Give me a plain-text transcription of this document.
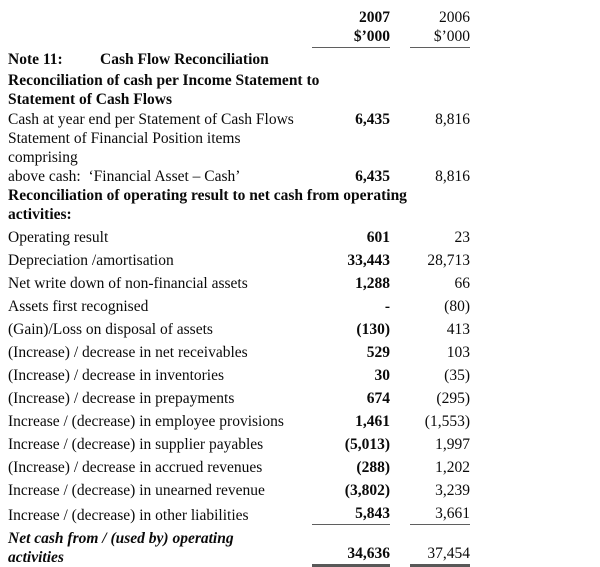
2007	2006
$’000	$’000
Note 11: Cash Flow Reconciliation
Reconciliation of cash per Income Statement to
Statement of Cash Flows
Cash at year end per Statement of Cash Flows	6,435	8,816
Statement of Financial Position items comprising
above cash:  ‘Financial Asset – Cash’	6,435	8,816
Reconciliation of operating result to net cash from operating
activities:
Operating result	601	23
Depreciation /amortisation	33,443	28,713
Net write down of non-financial assets	1,288	66
Assets first recognised	-	(80)
(Gain)/Loss on disposal of assets	(130)	413
(Increase) / decrease in net receivables	529	103
(Increase) / decrease in inventories	30	(35)
(Increase) / decrease in prepayments	674	(295)
Increase / (decrease) in employee provisions	1,461	(1,553)
Increase / (decrease) in supplier payables	(5,013)	1,997
(Increase) / decrease in accrued revenues	(288)	1,202
Increase / (decrease) in unearned revenue	(3,802)	3,239
Increase / (decrease) in other liabilities	5,843	3,661
Net cash from / (used by) operating
activities	34,636	37,454
